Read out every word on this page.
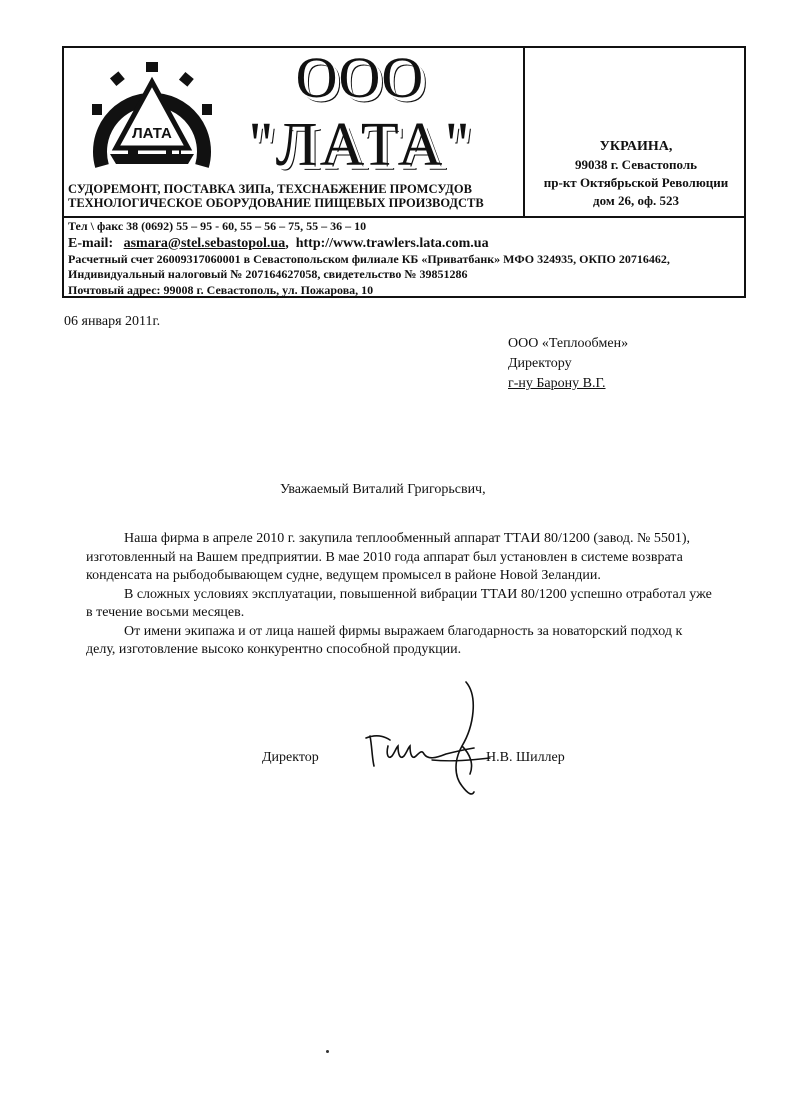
ЛАТА
ООО
"ЛАТА"
СУДОРЕМОНТ, ПОСТАВКА ЗИПа, ТЕХСНАБЖЕНИЕ ПРОМСУДОВ
ТЕХНОЛОГИЧЕСКОЕ ОБОРУДОВАНИЕ ПИЩЕВЫХ ПРОИЗВОДСТВ
УКРАИНА,
99038 г. Севастополь
пр-кт Октябрьской Революции
дом 26, оф. 523
Тел \ факс 38 (0692) 55 – 95 - 60, 55 – 56 – 75, 55 – 36 – 10
E-mail: asmara@stel.sebastopol.ua, http://www.trawlers.lata.com.ua
Расчетный счет 26009317060001 в Севастопольском филиале КБ «Приватбанк» МФО 324935, ОКПО 20716462,
Индивидуальный налоговый № 207164627058, свидетельство № 39851286
Почтовый адрес: 99008 г. Севастополь, ул. Пожарова, 10
06 января 2011г.
ООО «Теплообмен»
Директору
г-ну Барону В.Г.
Уважаемый Виталий Григорьсвич,

Наша фирма в апреле 2010 г. закупила теплообменный аппарат ТТАИ 80/1200 (завод. № 5501), изготовленный на Вашем предприятии. В мае 2010 года аппарат был установлен в системе возврата конденсата на рыбодобывающем судне, ведущем промысел в районе Новой Зеландии.

В сложных условиях эксплуатации, повышенной вибрации ТТАИ 80/1200 успешно отработал уже в течение восьми месяцев.

От имени экипажа и от лица нашей фирмы выражаем благодарность за новаторский подход к делу, изготовление высоко конкурентно способной продукции.

Директор	Н.В. Шиллер
